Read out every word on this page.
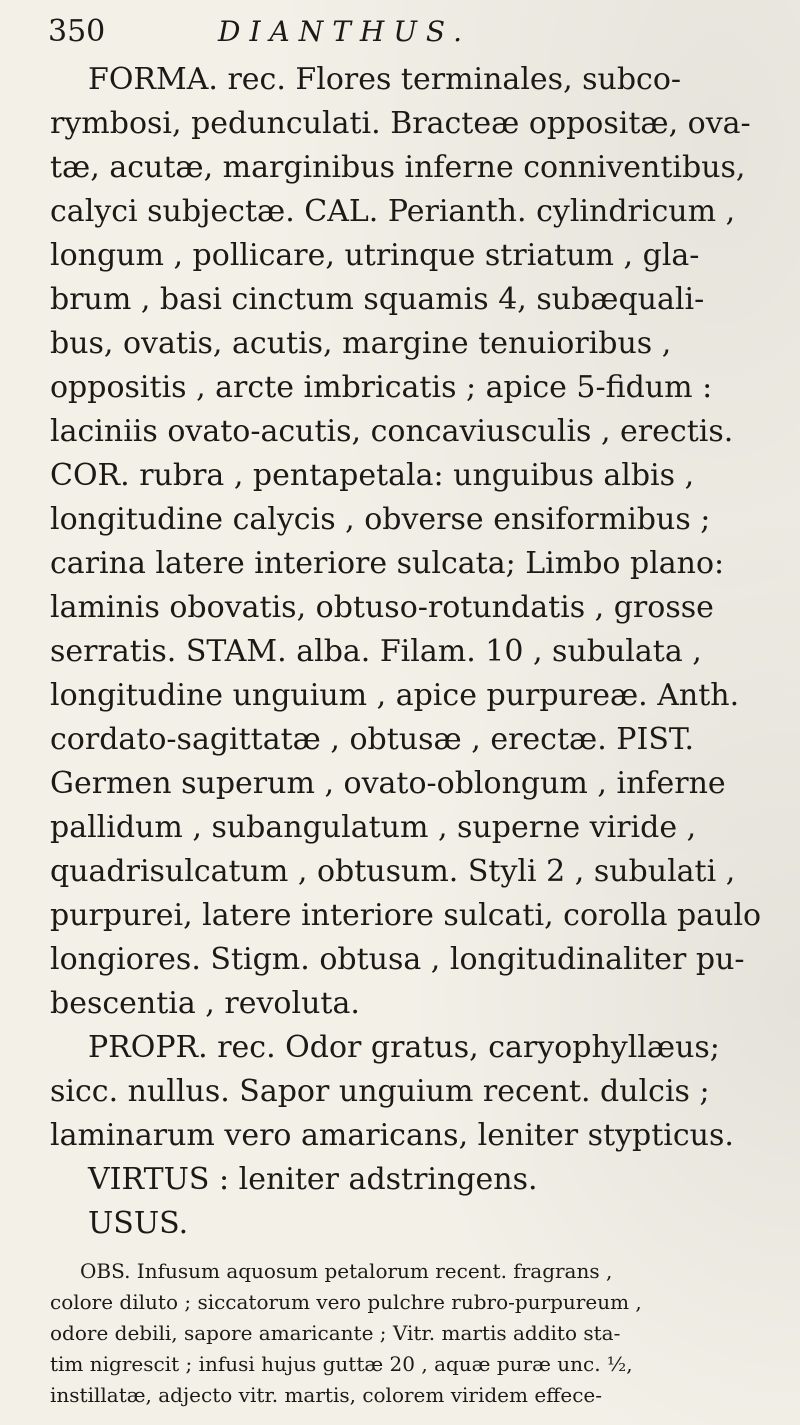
350	DIANTHUS.
FORMA. rec. Flores terminales, subco-
rymbosi, pedunculati. Bracteæ oppositæ, ova-
tæ, acutæ, marginibus inferne conniventibus,
calyci subjectæ. CAL. Perianth. cylindricum ,
longum , pollicare, utrinque striatum , gla-
brum , basi cinctum squamis 4, subæquali-
bus, ovatis, acutis, margine tenuioribus ,
oppositis , arcte imbricatis ; apice 5-fidum :
laciniis ovato-acutis, concaviusculis , erectis.
COR. rubra , pentapetala: unguibus albis ,
longitudine calycis , obverse ensiformibus ;
carina latere interiore sulcata; Limbo plano:
laminis obovatis, obtuso-rotundatis , grosse
serratis. STAM. alba. Filam. 10 , subulata ,
longitudine unguium , apice purpureæ. Anth.
cordato-sagittatæ , obtusæ , erectæ. PIST.
Germen superum , ovato-oblongum , inferne
pallidum , subangulatum , superne viride ,
quadrisulcatum , obtusum. Styli 2 , subulati ,
purpurei, latere interiore sulcati, corolla paulo
longiores. Stigm. obtusa , longitudinaliter pu-
bescentia , revoluta.
PROPR. rec. Odor gratus, caryophyllæus;
sicc. nullus. Sapor unguium recent. dulcis ;
laminarum vero amaricans, leniter stypticus.
VIRTUS : leniter adstringens.
USUS.
OBS. Infusum aquosum petalorum recent. fragrans ,
colore diluto ; siccatorum vero pulchre rubro-purpureum ,
odore debili, sapore amaricante ; Vitr. martis addito sta-
tim nigrescit ; infusi hujus guttæ 20 , aquæ puræ unc. ½,
instillatæ, adjecto vitr. martis, colorem viridem effece-
